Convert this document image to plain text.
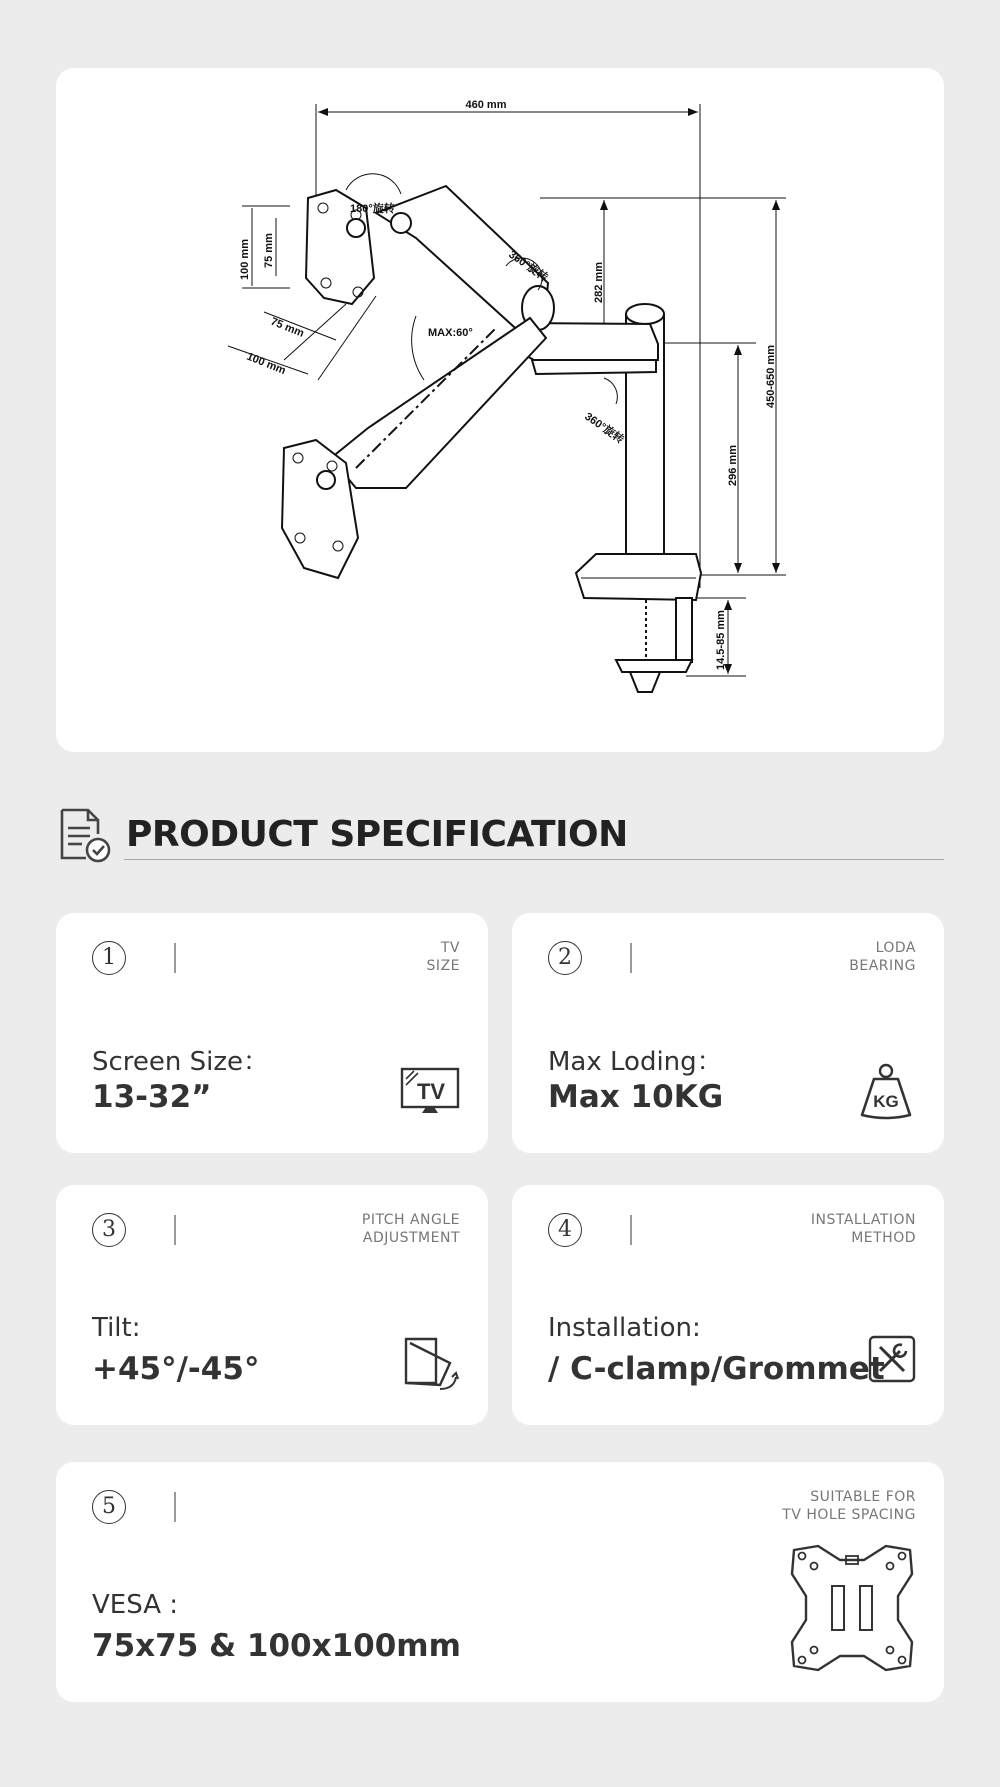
460 mm
282 mm
450-650 mm
296 mm
14.5-85 mm
MAX:60°
180°旋转
100 mm 75 mm
75 mm
100 mm
360°旋转
360°旋转
PRODUCT SPECIFICATION
1	TV
SIZE
Screen Size：
13-32”	TV
2	LODA
BEARING
Max Loding：
Max 10KG	KG
3	PITCH ANGLE
ADJUSTMENT
Tilt:
+45°/-45°
4	INSTALLATION
METHOD
Installation:
/ C-clamp/Grommet
5	SUITABLE FOR
TV HOLE SPACING
VESA :
75x75 & 100x100mm
